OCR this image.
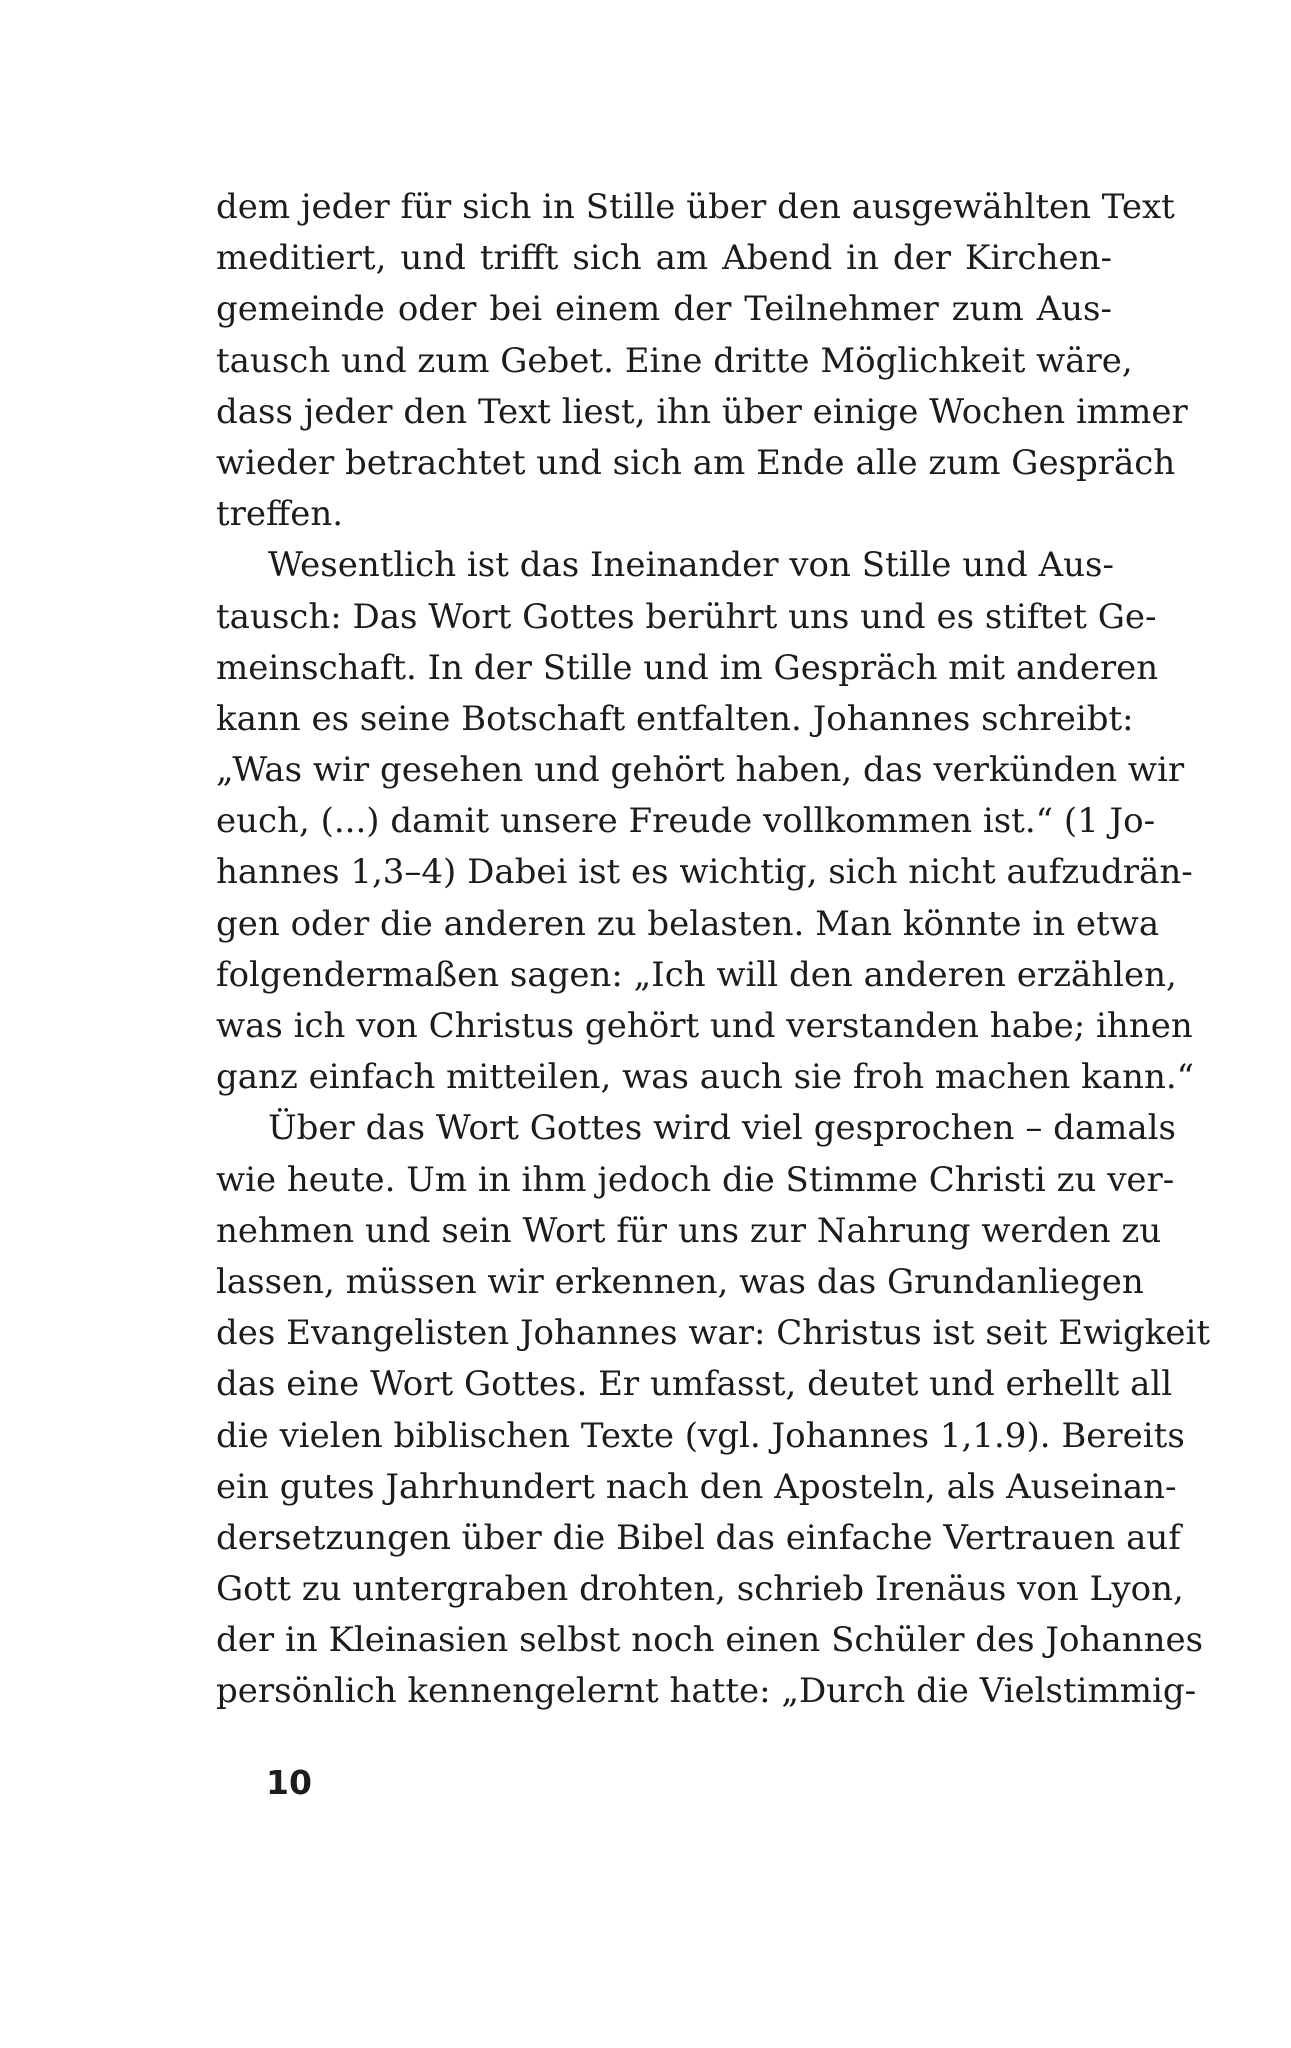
dem jeder für sich in Stille über den ausgewählten Text
meditiert, und trifft sich am Abend in der Kirchen-
gemeinde oder bei einem der Teilnehmer zum Aus-
tausch und zum Gebet. Eine dritte Möglichkeit wäre,
dass jeder den Text liest, ihn über einige Wochen immer
wieder betrachtet und sich am Ende alle zum Gespräch
treffen.
Wesentlich ist das Ineinander von Stille und Aus-
tausch: Das Wort Gottes berührt uns und es stiftet Ge-
meinschaft. In der Stille und im Gespräch mit anderen
kann es seine Botschaft entfalten. Johannes schreibt:
„Was wir gesehen und gehört haben, das verkünden wir
euch, (...) damit unsere Freude vollkommen ist.“ (1 Jo-
hannes 1,3–4) Dabei ist es wichtig, sich nicht aufzudrän-
gen oder die anderen zu belasten. Man könnte in etwa
folgendermaßen sagen: „Ich will den anderen erzählen,
was ich von Christus gehört und verstanden habe; ihnen
ganz einfach mitteilen, was auch sie froh machen kann.“
Über das Wort Gottes wird viel gesprochen – damals
wie heute. Um in ihm jedoch die Stimme Christi zu ver-
nehmen und sein Wort für uns zur Nahrung werden zu
lassen, müssen wir erkennen, was das Grundanliegen
des Evangelisten Johannes war: Christus ist seit Ewigkeit
das eine Wort Gottes. Er umfasst, deutet und erhellt all
die vielen biblischen Texte (vgl. Johannes 1,1.9). Bereits
ein gutes Jahrhundert nach den Aposteln, als Auseinan-
dersetzungen über die Bibel das einfache Vertrauen auf
Gott zu untergraben drohten, schrieb Irenäus von Lyon,
der in Kleinasien selbst noch einen Schüler des Johannes
persönlich kennengelernt hatte: „Durch die Vielstimmig-
10
